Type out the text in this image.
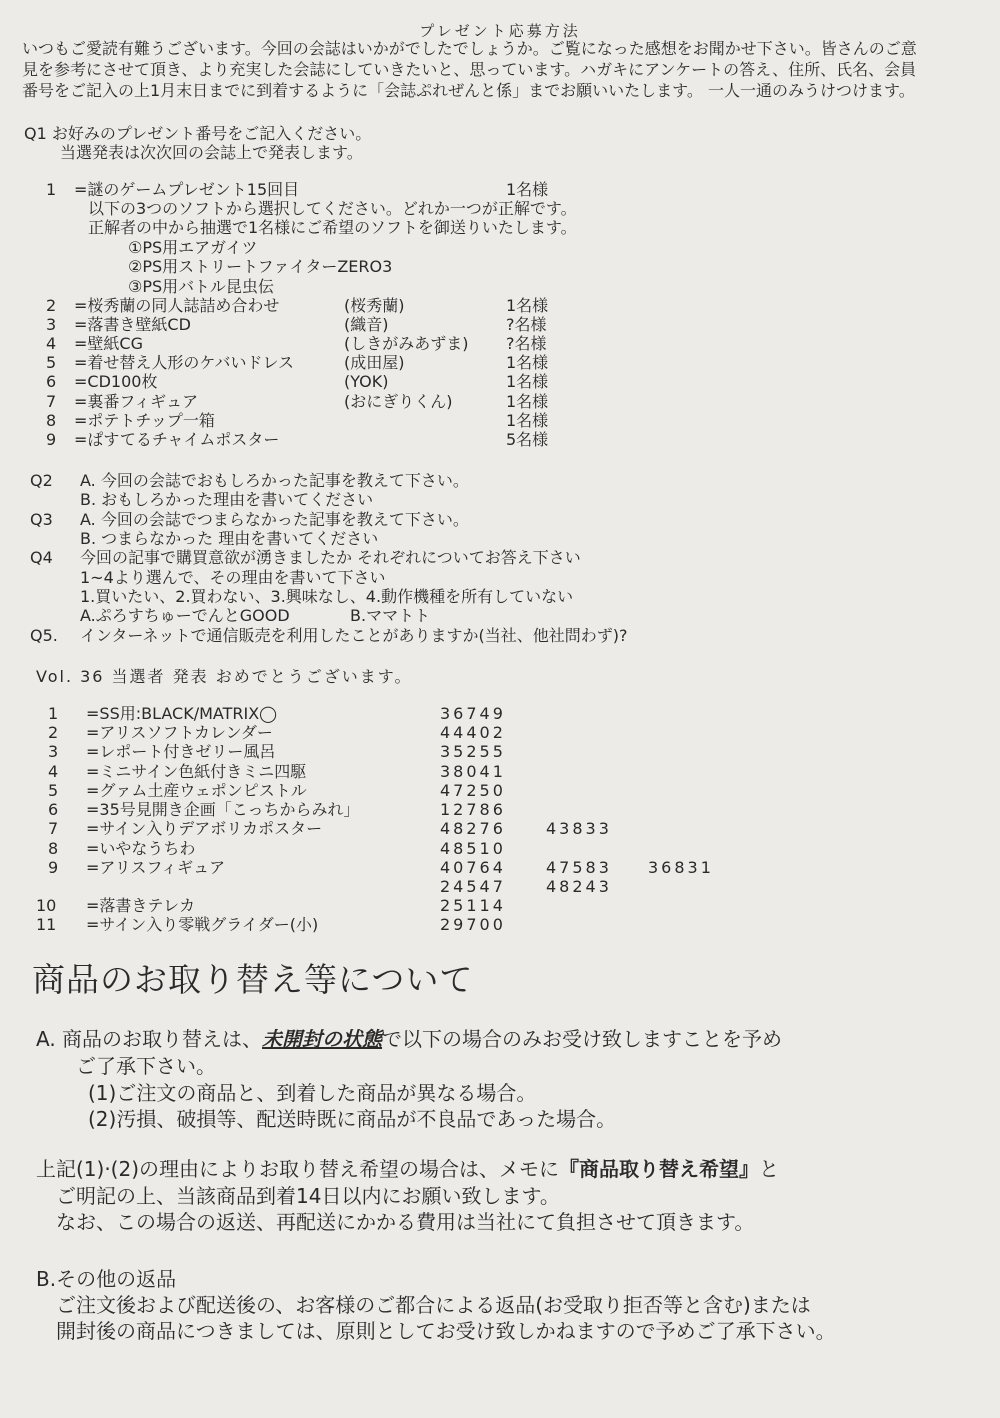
プレゼント応募方法
いつもご愛読有難うございます。今回の会誌はいかがでしたでしょうか。ご覧になった感想をお聞かせ下さい。皆さんのご意
見を参考にさせて頂き、より充実した会誌にしていきたいと、思っています。ハガキにアンケートの答え、住所、氏名、会員
番号をご記入の上1月末日までに到着するように「会誌ぷれぜんと係」までお願いいたします。 一人一通のみうけつけます。
Q1 お好みのプレゼント番号をご記入ください。
当選発表は次次回の会誌上で発表します。
1 =謎のゲームプレゼント15回目	1名様
以下の3つのソフトから選択してください。どれか一つが正解です。
正解者の中から抽選で1名様にご希望のソフトを御送りいたします。
①PS用エアガイツ
②PS用ストリートファイターZERO3
③PS用バトル昆虫伝
2 =桜秀蘭の同人誌詰め合わせ	(桜秀蘭)	1名様
3 =落書き壁紙CD	(織音)	?名様
4 =壁紙CG	(しきがみあずま) ?名様
5 =着せ替え人形のケバいドレス	(成田屋)	1名様
6 =CD100枚	(YOK)	1名様
7 =裏番フィギュア	(おにぎりくん)	1名様
8 =ポテトチップ一箱	1名様
9 =ぱすてるチャイムポスター	5名様
Q2 A. 今回の会誌でおもしろかった記事を教えて下さい。
B. おもしろかった理由を書いてください
Q3 A. 今回の会誌でつまらなかった記事を教えて下さい。
B. つまらなかった 理由を書いてください
Q4 今回の記事で購買意欲が湧きましたか それぞれについてお答え下さい
1~4より選んで、その理由を書いて下さい
1.買いたい、2.買わない、3.興味なし、4.動作機種を所有していない
A.ぷろすちゅーでんとGOOD	B.ママトト
Q5. インターネットで通信販売を利用したことがありますか(当社、他社問わず)?
Vol. 36 当選者 発表 おめでとうございます。
1 =SS用:BLACK/MATRIX◯	36749
2 =アリスソフトカレンダー	44402
3 =レポート付きゼリー風呂	35255
4 =ミニサイン色紙付きミニ四駆	38041
5 =グァム土産ウェポンピストル	47250
6 =35号見開き企画「こっちからみれ」	12786
7 =サイン入りデアボリカポスター	48276	43833
8 =いやなうちわ	48510
9 =アリスフィギュア	40764	47583 36831
24547	48243
10 =落書きテレカ	25114
11 =サイン入り零戦グライダー(小)	29700
商品のお取り替え等について
A. 商品のお取り替えは、未開封の状態で以下の場合のみお受け致しますことを予め
ご了承下さい。
(1)ご注文の商品と、到着した商品が異なる場合。
(2)汚損、破損等、配送時既に商品が不良品であった場合。
上記(1)·(2)の理由によりお取り替え希望の場合は、メモに『商品取り替え希望』と
ご明記の上、当該商品到着14日以内にお願い致します。
なお、この場合の返送、再配送にかかる費用は当社にて負担させて頂きます。
B.その他の返品
ご注文後および配送後の、お客様のご都合による返品(お受取り拒否等と含む)または
開封後の商品につきましては、原則としてお受け致しかねますので予めご了承下さい。
